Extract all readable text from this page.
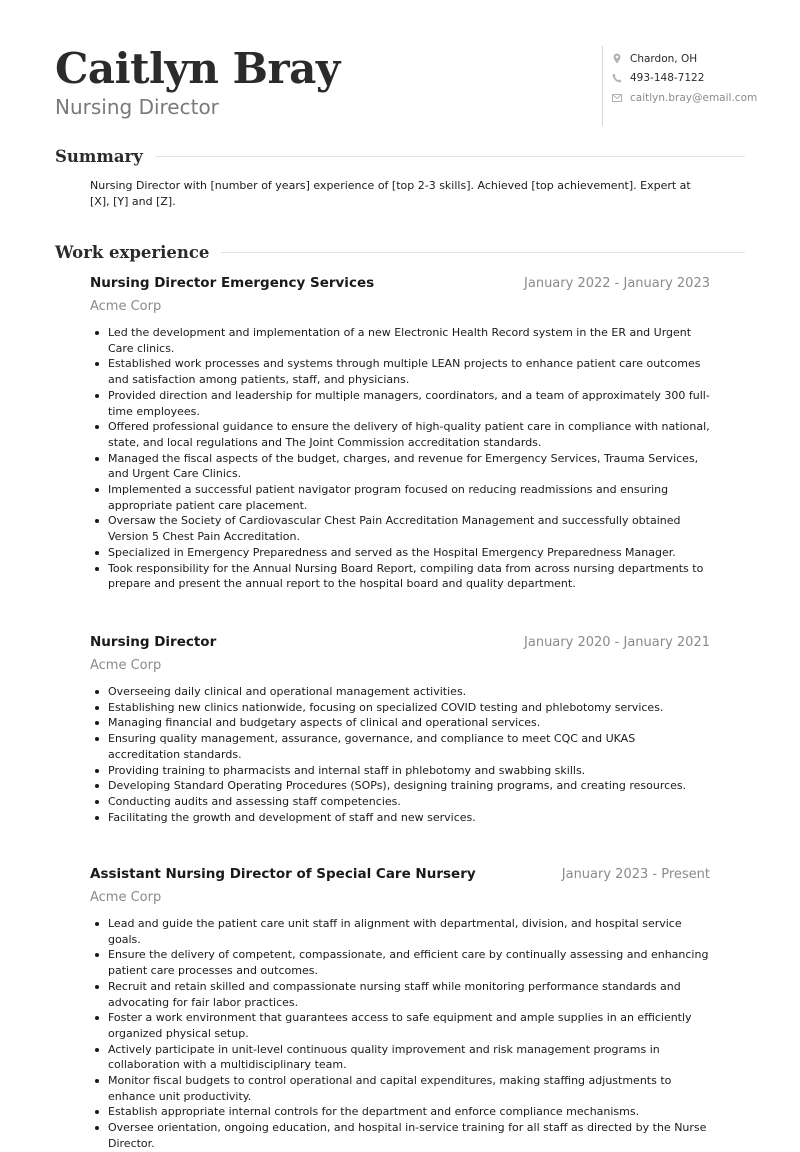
Caitlyn Bray
Nursing Director
Chardon, OH
493-148-7122
caitlyn.bray@email.com
Summary
Nursing Director with [number of years] experience of [top 2-3 skills]. Achieved [top achievement]. Expert at [X], [Y] and [Z].
Work experience
Nursing Director Emergency Services	January 2022 - January 2023
Acme Corp
Led the development and implementation of a new Electronic Health Record system in the ER and Urgent Care clinics.
Established work processes and systems through multiple LEAN projects to enhance patient care outcomes and satisfaction among patients, staff, and physicians.
Provided direction and leadership for multiple managers, coordinators, and a team of approximately 300 full-time employees.
Offered professional guidance to ensure the delivery of high-quality patient care in compliance with national, state, and local regulations and The Joint Commission accreditation standards.
Managed the fiscal aspects of the budget, charges, and revenue for Emergency Services, Trauma Services, and Urgent Care Clinics.
Implemented a successful patient navigator program focused on reducing readmissions and ensuring appropriate patient care placement.
Oversaw the Society of Cardiovascular Chest Pain Accreditation Management and successfully obtained Version 5 Chest Pain Accreditation.
Specialized in Emergency Preparedness and served as the Hospital Emergency Preparedness Manager.
Took responsibility for the Annual Nursing Board Report, compiling data from across nursing departments to prepare and present the annual report to the hospital board and quality department.
Nursing Director	January 2020 - January 2021
Acme Corp
Overseeing daily clinical and operational management activities.
Establishing new clinics nationwide, focusing on specialized COVID testing and phlebotomy services.
Managing financial and budgetary aspects of clinical and operational services.
Ensuring quality management, assurance, governance, and compliance to meet CQC and UKAS accreditation standards.
Providing training to pharmacists and internal staff in phlebotomy and swabbing skills.
Developing Standard Operating Procedures (SOPs), designing training programs, and creating resources.
Conducting audits and assessing staff competencies.
Facilitating the growth and development of staff and new services.
Assistant Nursing Director of Special Care Nursery	January 2023 - Present
Acme Corp
Lead and guide the patient care unit staff in alignment with departmental, division, and hospital service goals.
Ensure the delivery of competent, compassionate, and efficient care by continually assessing and enhancing patient care processes and outcomes.
Recruit and retain skilled and compassionate nursing staff while monitoring performance standards and advocating for fair labor practices.
Foster a work environment that guarantees access to safe equipment and ample supplies in an efficiently organized physical setup.
Actively participate in unit-level continuous quality improvement and risk management programs in collaboration with a multidisciplinary team.
Monitor fiscal budgets to control operational and capital expenditures, making staffing adjustments to enhance unit productivity.
Establish appropriate internal controls for the department and enforce compliance mechanisms.
Oversee orientation, ongoing education, and hospital in-service training for all staff as directed by the Nurse Director.
